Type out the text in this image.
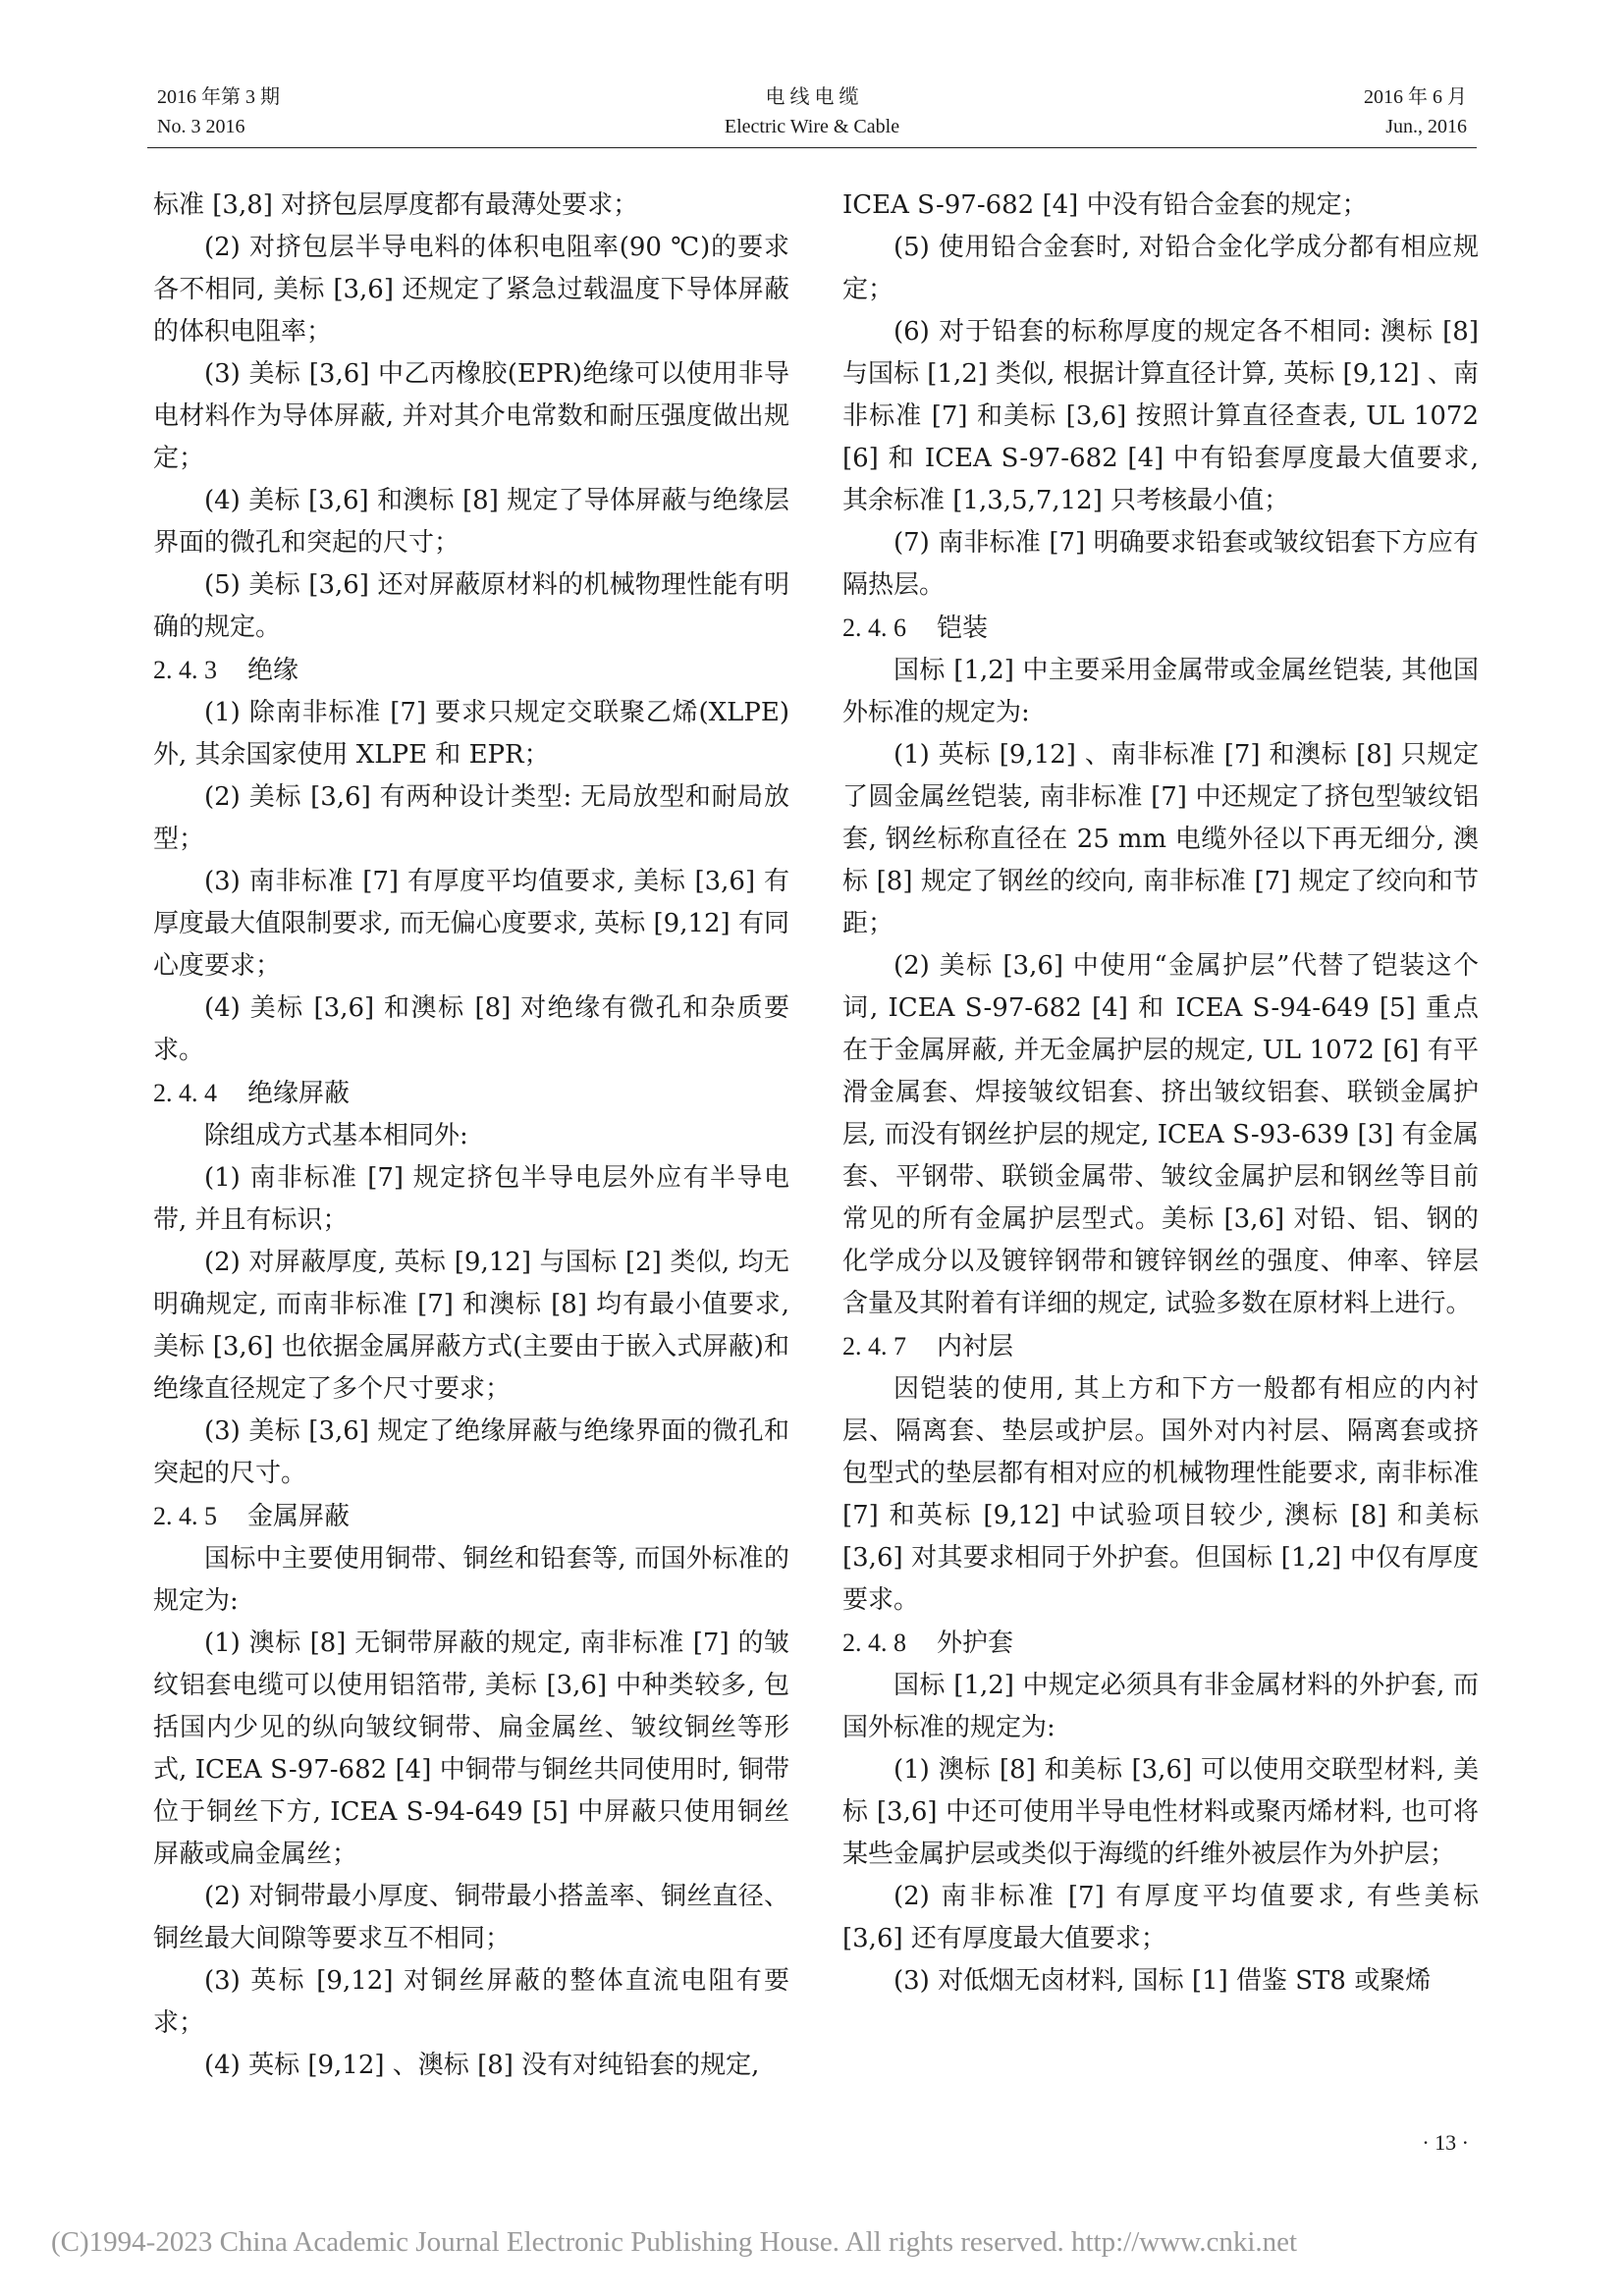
2016 年第 3 期
No. 3 2016
电 线 电 缆
Electric Wire & Cable
2016 年 6 月
Jun., 2016

标准 [3,8] 对挤包层厚度都有最薄处要求；

(2) 对挤包层半导电料的体积电阻率(90 ℃)的要求各不相同, 美标 [3,6] 还规定了紧急过载温度下导体屏蔽的体积电阻率；

(3) 美标 [3,6] 中乙丙橡胶(EPR)绝缘可以使用非导电材料作为导体屏蔽, 并对其介电常数和耐压强度做出规定；

(4) 美标 [3,6] 和澳标 [8] 规定了导体屏蔽与绝缘层界面的微孔和突起的尺寸；

(5) 美标 [3,6] 还对屏蔽原材料的机械物理性能有明确的规定。

2. 4. 3 绝缘

(1) 除南非标准 [7] 要求只规定交联聚乙烯(XLPE)外, 其余国家使用 XLPE 和 EPR；

(2) 美标 [3,6] 有两种设计类型: 无局放型和耐局放型；

(3) 南非标准 [7] 有厚度平均值要求, 美标 [3,6] 有厚度最大值限制要求, 而无偏心度要求, 英标 [9,12] 有同心度要求；

(4) 美标 [3,6] 和澳标 [8] 对绝缘有微孔和杂质要求。

2. 4. 4 绝缘屏蔽

除组成方式基本相同外:

(1) 南非标准 [7] 规定挤包半导电层外应有半导电带, 并且有标识；

(2) 对屏蔽厚度, 英标 [9,12] 与国标 [2] 类似, 均无明确规定, 而南非标准 [7] 和澳标 [8] 均有最小值要求, 美标 [3,6] 也依据金属屏蔽方式(主要由于嵌入式屏蔽)和绝缘直径规定了多个尺寸要求；

(3) 美标 [3,6] 规定了绝缘屏蔽与绝缘界面的微孔和突起的尺寸。

2. 4. 5 金属屏蔽

国标中主要使用铜带、铜丝和铅套等, 而国外标准的规定为:

(1) 澳标 [8] 无铜带屏蔽的规定, 南非标准 [7] 的皱纹铝套电缆可以使用铝箔带, 美标 [3,6] 中种类较多, 包括国内少见的纵向皱纹铜带、扁金属丝、皱纹铜丝等形式, ICEA S-97-682 [4] 中铜带与铜丝共同使用时, 铜带位于铜丝下方, ICEA S-94-649 [5] 中屏蔽只使用铜丝屏蔽或扁金属丝；

(2) 对铜带最小厚度、铜带最小搭盖率、铜丝直径、铜丝最大间隙等要求互不相同；

(3) 英标 [9,12] 对铜丝屏蔽的整体直流电阻有要求；

(4) 英标 [9,12] 、澳标 [8] 没有对纯铅套的规定,

ICEA S-97-682 [4] 中没有铅合金套的规定；

(5) 使用铅合金套时, 对铅合金化学成分都有相应规定；

(6) 对于铅套的标称厚度的规定各不相同: 澳标 [8] 与国标 [1,2] 类似, 根据计算直径计算, 英标 [9,12] 、南非标准 [7] 和美标 [3,6] 按照计算直径查表, UL 1072 [6] 和 ICEA S-97-682 [4] 中有铅套厚度最大值要求, 其余标准 [1,3,5,7,12] 只考核最小值；

(7) 南非标准 [7] 明确要求铅套或皱纹铝套下方应有隔热层。

2. 4. 6 铠装

国标 [1,2] 中主要采用金属带或金属丝铠装, 其他国外标准的规定为:

(1) 英标 [9,12] 、南非标准 [7] 和澳标 [8] 只规定了圆金属丝铠装, 南非标准 [7] 中还规定了挤包型皱纹铝套, 钢丝标称直径在 25 mm 电缆外径以下再无细分, 澳标 [8] 规定了钢丝的绞向, 南非标准 [7] 规定了绞向和节距；

(2) 美标 [3,6] 中使用“金属护层”代替了铠装这个词, ICEA S-97-682 [4] 和 ICEA S-94-649 [5] 重点在于金属屏蔽, 并无金属护层的规定, UL 1072 [6] 有平滑金属套、焊接皱纹铝套、挤出皱纹铝套、联锁金属护层, 而没有钢丝护层的规定, ICEA S-93-639 [3] 有金属套、平钢带、联锁金属带、皱纹金属护层和钢丝等目前常见的所有金属护层型式。美标 [3,6] 对铅、铝、钢的化学成分以及镀锌钢带和镀锌钢丝的强度、伸率、锌层含量及其附着有详细的规定, 试验多数在原材料上进行。

2. 4. 7 内衬层

因铠装的使用, 其上方和下方一般都有相应的内衬层、隔离套、垫层或护层。国外对内衬层、隔离套或挤包型式的垫层都有相对应的机械物理性能要求, 南非标准 [7] 和英标 [9,12] 中试验项目较少, 澳标 [8] 和美标 [3,6] 对其要求相同于外护套。但国标 [1,2] 中仅有厚度要求。

2. 4. 8 外护套

国标 [1,2] 中规定必须具有非金属材料的外护套, 而国外标准的规定为:

(1) 澳标 [8] 和美标 [3,6] 可以使用交联型材料, 美标 [3,6] 中还可使用半导电性材料或聚丙烯材料, 也可将某些金属护层或类似于海缆的纤维外被层作为外护层；

(2) 南非标准 [7] 有厚度平均值要求, 有些美标 [3,6] 还有厚度最大值要求；

(3) 对低烟无卤材料, 国标 [1] 借鉴 ST8 或聚烯

· 13 ·
(C)1994-2023 China Academic Journal Electronic Publishing House. All rights reserved. http://www.cnki.net
